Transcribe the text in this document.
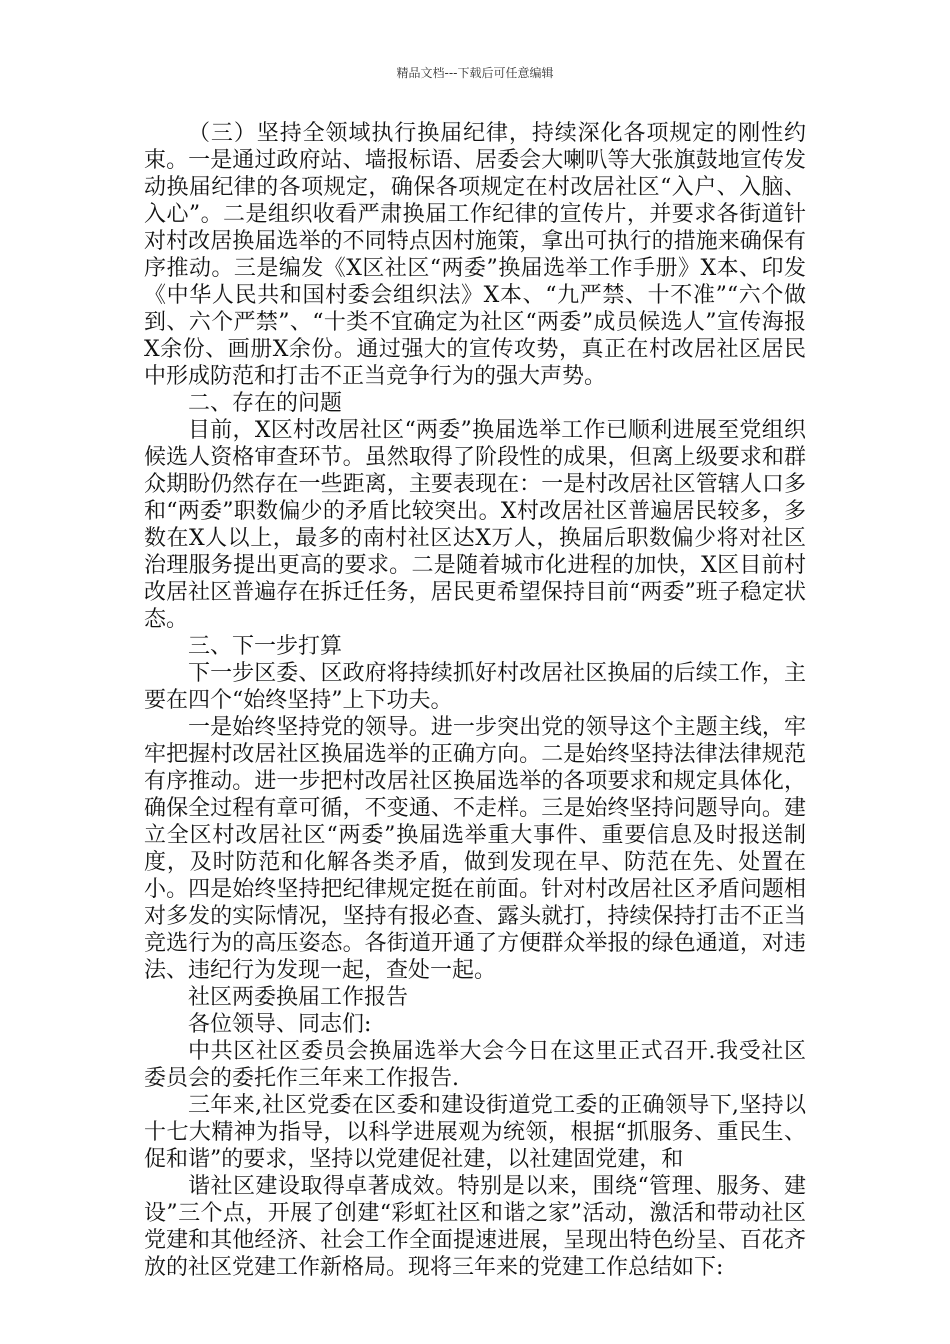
精品文档---下载后可任意编辑

（三）坚持全领域执行换届纪律，持续深化各项规定的刚性约束。一是通过政府站、墙报标语、居委会大喇叭等大张旗鼓地宣传发动换届纪律的各项规定，确保各项规定在村改居社区“入户、入脑、入心”。二是组织收看严肃换届工作纪律的宣传片，并要求各街道针对村改居换届选举的不同特点因村施策，拿出可执行的措施来确保有序推动。三是编发《X区社区“两委”换届选举工作手册》X本、印发《中华人民共和国村委会组织法》X本、“九严禁、十不准”“六个做到、六个严禁”、“十类不宜确定为社区“两委”成员候选人”宣传海报X余份、画册X余份。通过强大的宣传攻势，真正在村改居社区居民中形成防范和打击不正当竞争行为的强大声势。

二、存在的问题

目前，X区村改居社区“两委”换届选举工作已顺利进展至党组织候选人资格审查环节。虽然取得了阶段性的成果，但离上级要求和群众期盼仍然存在一些距离，主要表现在：一是村改居社区管辖人口多和“两委”职数偏少的矛盾比较突出。X村改居社区普遍居民较多，多数在X人以上，最多的南村社区达X万人，换届后职数偏少将对社区治理服务提出更高的要求。二是随着城市化进程的加快，X区目前村改居社区普遍存在拆迁任务，居民更希望保持目前“两委”班子稳定状态。

三、下一步打算

下一步区委、区政府将持续抓好村改居社区换届的后续工作，主要在四个“始终坚持”上下功夫。

一是始终坚持党的领导。进一步突出党的领导这个主题主线，牢牢把握村改居社区换届选举的正确方向。二是始终坚持法律法律规范有序推动。进一步把村改居社区换届选举的各项要求和规定具体化，确保全过程有章可循，不变通、不走样。三是始终坚持问题导向。建立全区村改居社区“两委”换届选举重大事件、重要信息及时报送制度，及时防范和化解各类矛盾，做到发现在早、防范在先、处置在小。四是始终坚持把纪律规定挺在前面。针对村改居社区矛盾问题相对多发的实际情况，坚持有报必查、露头就打，持续保持打击不正当竞选行为的高压姿态。各街道开通了方便群众举报的绿色通道，对违法、违纪行为发现一起，查处一起。

社区两委换届工作报告

各位领导、同志们:

中共区社区委员会换届选举大会今日在这里正式召开.我受社区委员会的委托作三年来工作报告.

三年来,社区党委在区委和建设街道党工委的正确领导下,坚持以十七大精神为指导，以科学进展观为统领，根据“抓服务、重民生、促和谐”的要求，坚持以党建促社建，以社建固党建，和

谐社区建设取得卓著成效。特别是以来，围绕“管理、服务、建设”三个点，开展了创建“彩虹社区和谐之家”活动，激活和带动社区党建和其他经济、社会工作全面提速进展，呈现出特色纷呈、百花齐放的社区党建工作新格局。现将三年来的党建工作总结如下:
